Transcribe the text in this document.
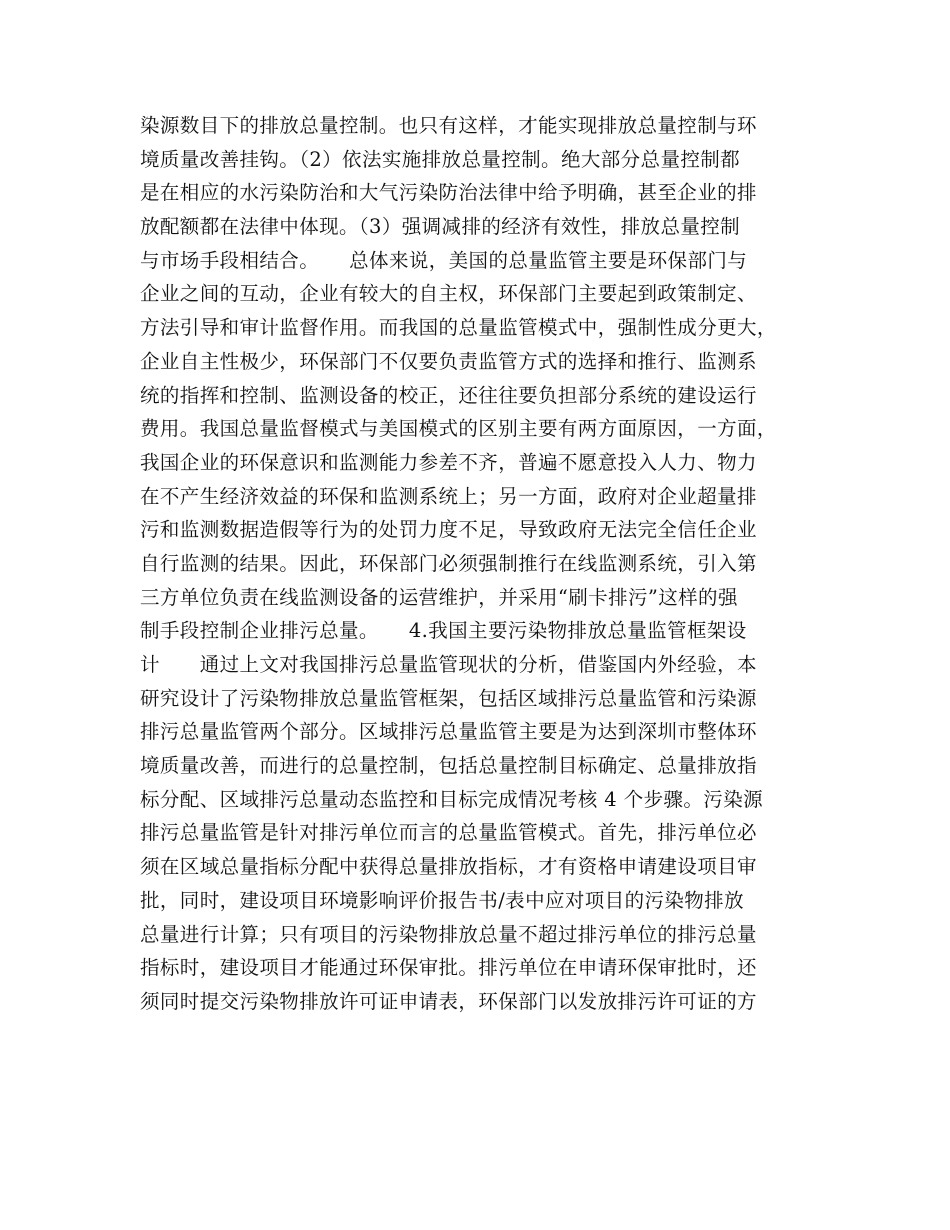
染源数目下的排放总量控制。也只有这样，才能实现排放总量控制与环
境质量改善挂钩。（2）依法实施排放总量控制。绝大部分总量控制都
是在相应的水污染防治和大气污染防治法律中给予明确，甚至企业的排
放配额都在法律中体现。（3）强调减排的经济有效性，排放总量控制
与市场手段相结合。　　总体来说，美国的总量监管主要是环保部门与
企业之间的互动，企业有较大的自主权，环保部门主要起到政策制定、
方法引导和审计监督作用。而我国的总量监管模式中，强制性成分更大，
企业自主性极少，环保部门不仅要负责监管方式的选择和推行、监测系
统的指挥和控制、监测设备的校正，还往往要负担部分系统的建设运行
费用。我国总量监督模式与美国模式的区别主要有两方面原因，一方面，
我国企业的环保意识和监测能力参差不齐，普遍不愿意投入人力、物力
在不产生经济效益的环保和监测系统上；另一方面，政府对企业超量排
污和监测数据造假等行为的处罚力度不足，导致政府无法完全信任企业
自行监测的结果。因此，环保部门必须强制推行在线监测系统，引入第
三方单位负责在线监测设备的运营维护，并采用“刷卡排污”这样的强
制手段控制企业排污总量。　　4.我国主要污染物排放总量监管框架设
计　　通过上文对我国排污总量监管现状的分析，借鉴国内外经验，本
研究设计了污染物排放总量监管框架，包括区域排污总量监管和污染源
排污总量监管两个部分。区域排污总量监管主要是为达到深圳市整体环
境质量改善，而进行的总量控制，包括总量控制目标确定、总量排放指
标分配、区域排污总量动态监控和目标完成情况考核 4 个步骤。污染源
排污总量监管是针对排污单位而言的总量监管模式。首先，排污单位必
须在区域总量指标分配中获得总量排放指标，才有资格申请建设项目审
批，同时，建设项目环境影响评价报告书/表中应对项目的污染物排放
总量进行计算；只有项目的污染物排放总量不超过排污单位的排污总量
指标时，建设项目才能通过环保审批。排污单位在申请环保审批时，还
须同时提交污染物排放许可证申请表，环保部门以发放排污许可证的方
